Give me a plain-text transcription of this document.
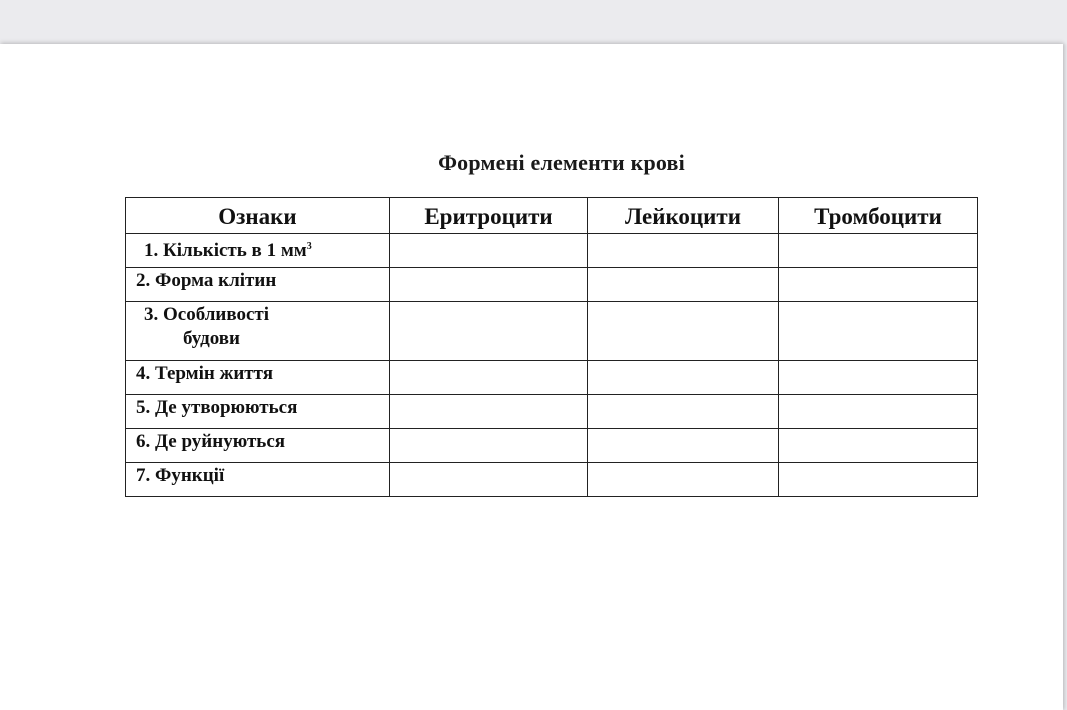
Формені елементи крові
Ознаки	Еритроцити	Лейкоцити	Тромбоцити
1. Кількість в 1 $мм^3$			
2. Форма клітин			
3. Особливості
будови			

4. Термін життя			
5. Де утворюються			
6. Де руйнуються			
7. Функції			
